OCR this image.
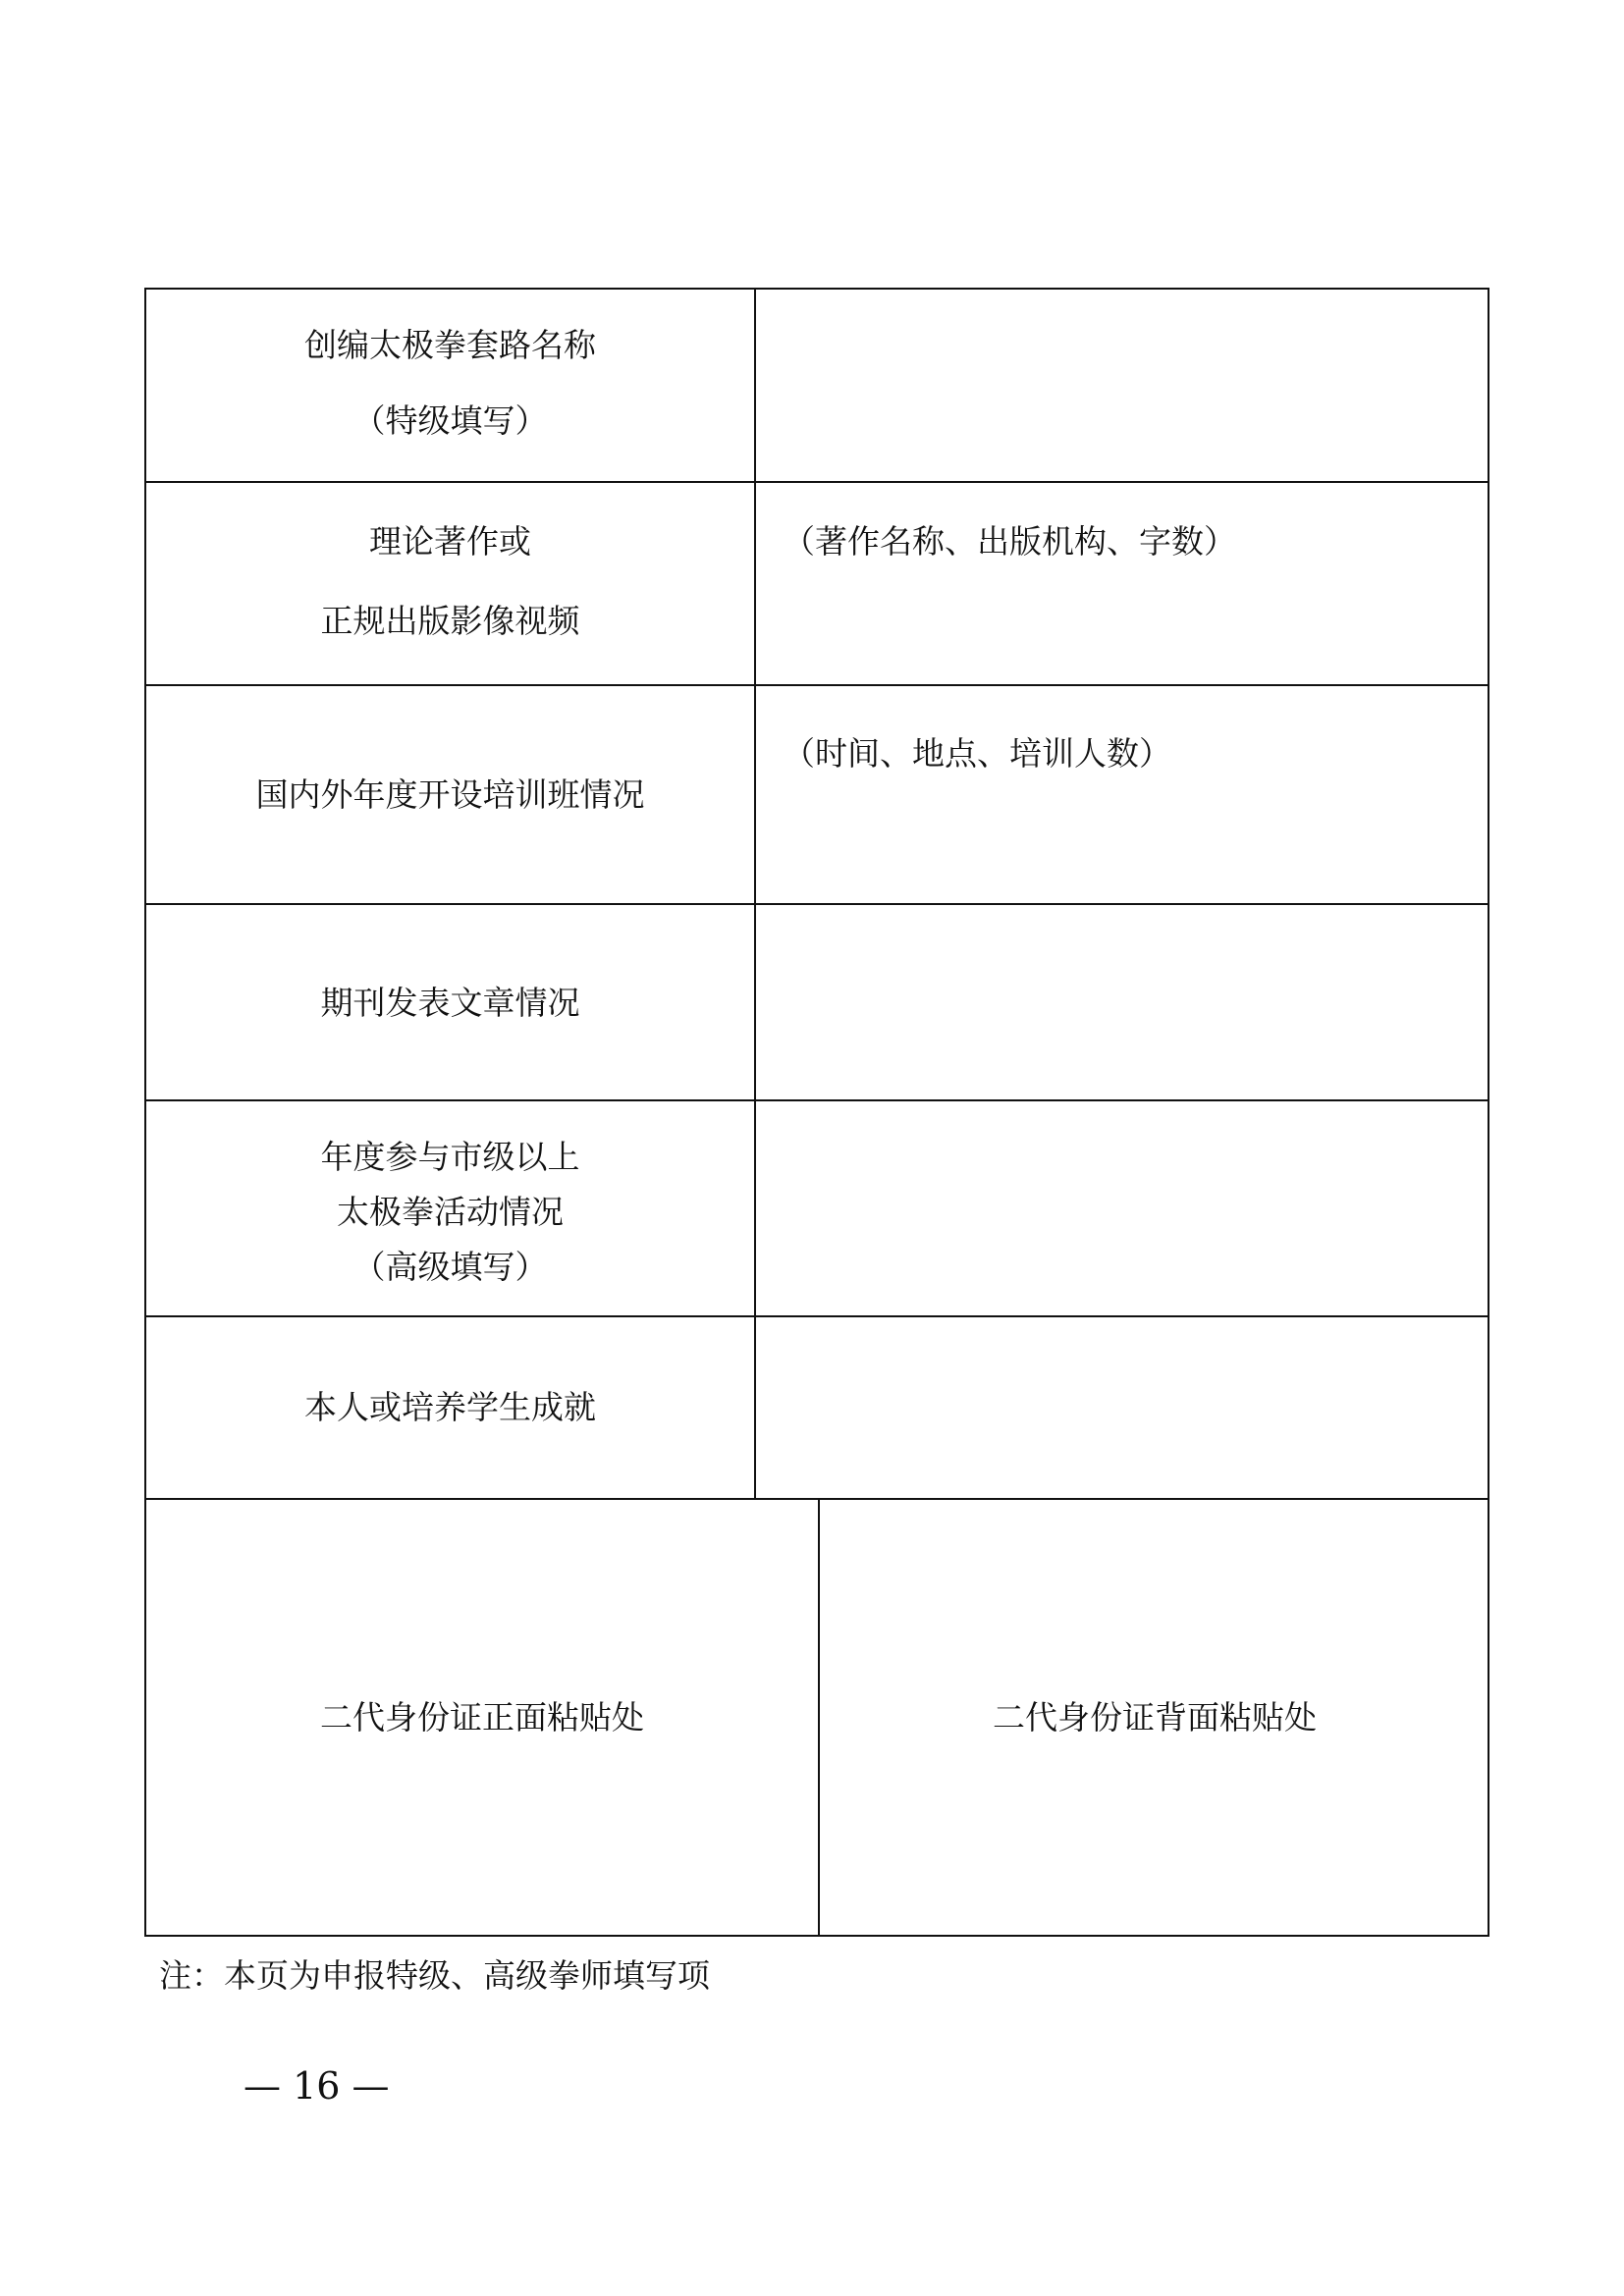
创编太极拳套路名称
（特级填写）
理论著作或
正规出版影像视频
（著作名称、出版机构、字数）
国内外年度开设培训班情况
（时间、地点、培训人数）
期刊发表文章情况
年度参与市级以上
太极拳活动情况
（高级填写）
本人或培养学生成就
二代身份证正面粘贴处	二代身份证背面粘贴处
注：本页为申报特级、高级拳师填写项
— 16 —
